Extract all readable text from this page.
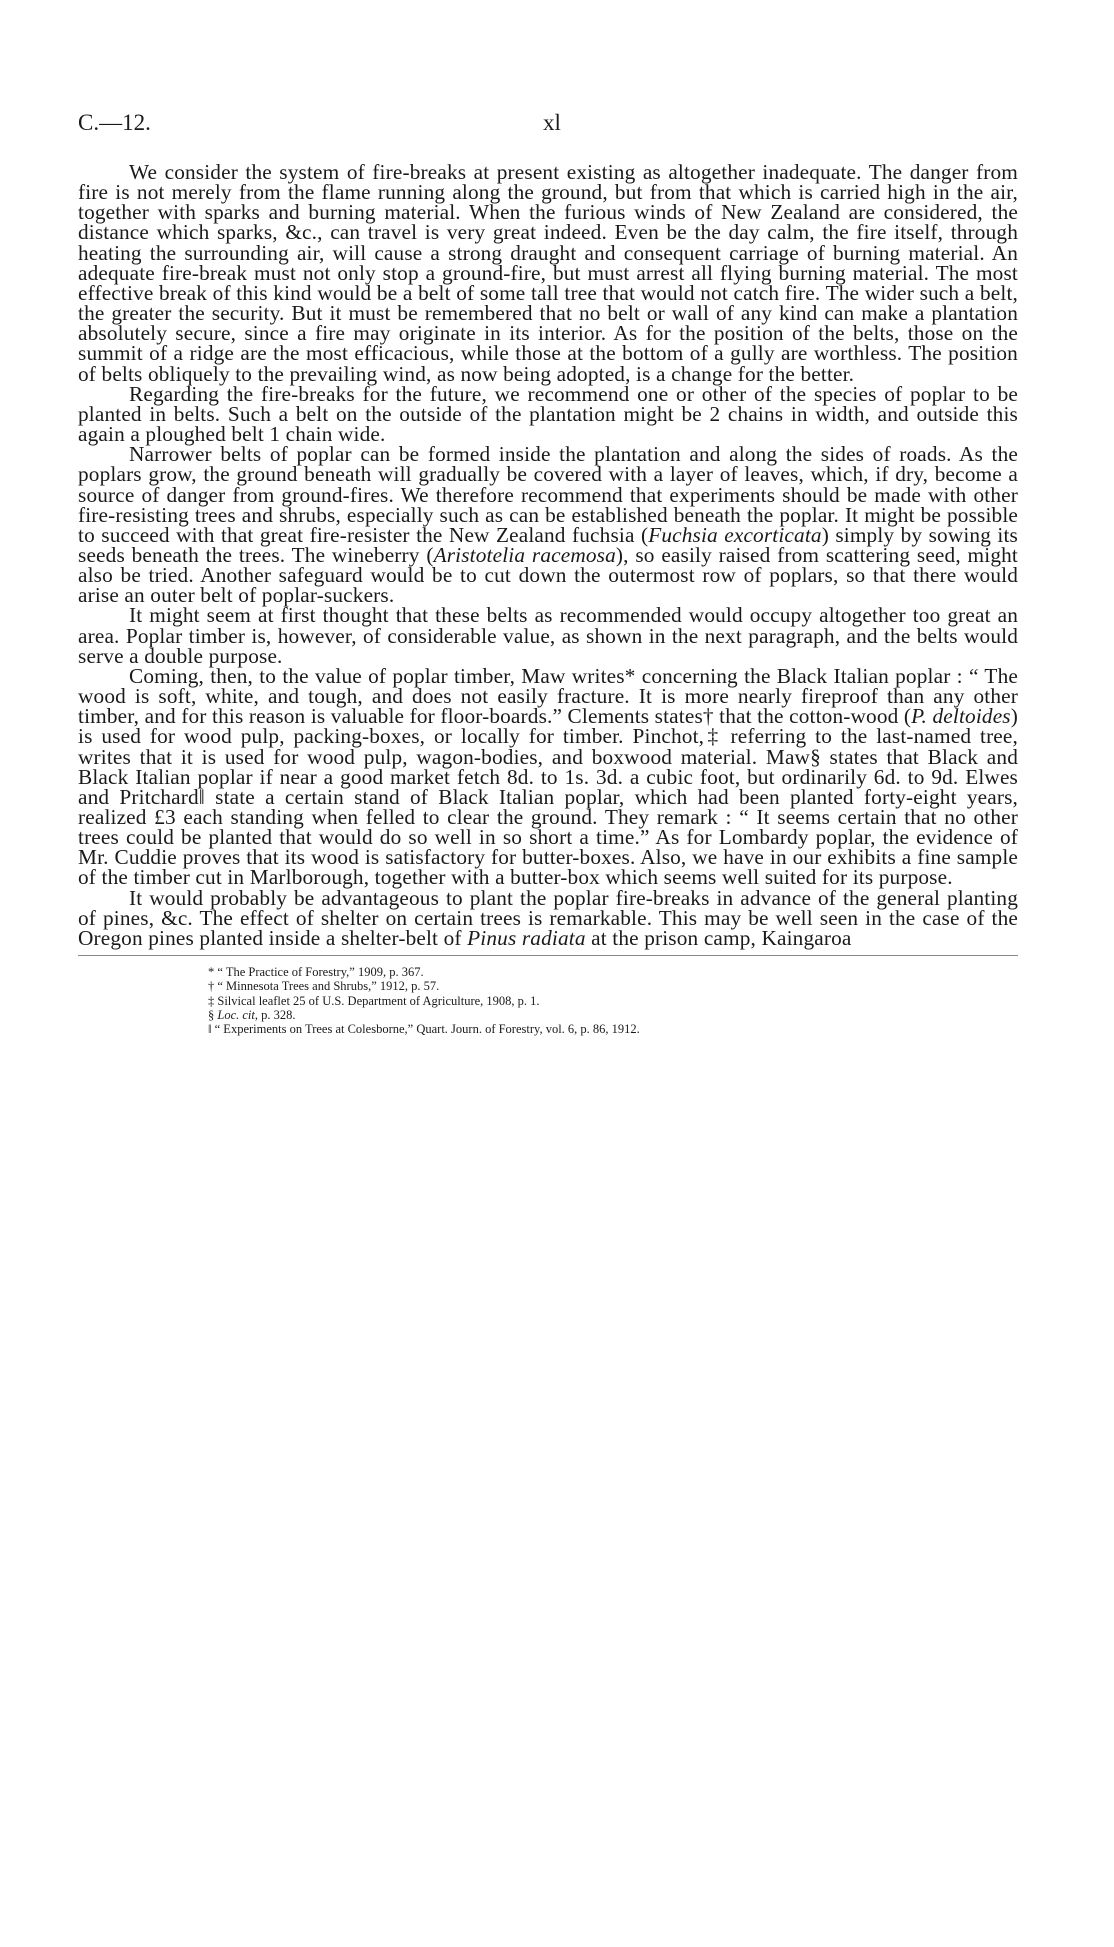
C.—12.	xl

We consider the system of fire-breaks at present existing as altogether inadequate. The danger from fire is not merely from the flame running along the ground, but from that which is carried high in the air, together with sparks and burning material. When the furious winds of New Zealand are considered, the distance which sparks, &c., can travel is very great indeed. Even be the day calm, the fire itself, through heating the surrounding air, will cause a strong draught and consequent carriage of burning material. An adequate fire-break must not only stop a ground-fire, but must arrest all flying burning material. The most effective break of this kind would be a belt of some tall tree that would not catch fire. The wider such a belt, the greater the security. But it must be remembered that no belt or wall of any kind can make a plantation absolutely secure, since a fire may originate in its interior. As for the position of the belts, those on the summit of a ridge are the most efficacious, while those at the bottom of a gully are worthless. The position of belts obliquely to the prevailing wind, as now being adopted, is a change for the better.

Regarding the fire-breaks for the future, we recommend one or other of the species of poplar to be planted in belts. Such a belt on the outside of the plantation might be 2 chains in width, and outside this again a ploughed belt 1 chain wide.

Narrower belts of poplar can be formed inside the plantation and along the sides of roads. As the poplars grow, the ground beneath will gradually be covered with a layer of leaves, which, if dry, become a source of danger from ground-fires. We therefore recommend that experiments should be made with other fire-resisting trees and shrubs, especially such as can be established beneath the poplar. It might be possible to succeed with that great fire-resister the New Zealand fuchsia (Fuchsia excorticata) simply by sowing its seeds beneath the trees. The wineberry (Aristotelia racemosa), so easily raised from scattering seed, might also be tried. Another safeguard would be to cut down the outermost row of poplars, so that there would arise an outer belt of poplar-suckers.

It might seem at first thought that these belts as recommended would occupy altogether too great an area. Poplar timber is, however, of considerable value, as shown in the next paragraph, and the belts would serve a double purpose.

Coming, then, to the value of poplar timber, Maw writes* concerning the Black Italian poplar : “ The wood is soft, white, and tough, and does not easily fracture. It is more nearly fireproof than any other timber, and for this reason is valuable for floor-boards.” Clements states† that the cotton-wood (P. deltoides) is used for wood pulp, packing-boxes, or locally for timber. Pinchot,‡ referring to the last-named tree, writes that it is used for wood pulp, wagon-bodies, and boxwood material. Maw§ states that Black and Black Italian poplar if near a good market fetch 8d. to 1s. 3d. a cubic foot, but ordinarily 6d. to 9d. Elwes and Pritchard‖ state a certain stand of Black Italian poplar, which had been planted forty-eight years, realized £3 each standing when felled to clear the ground. They remark : “ It seems certain that no other trees could be planted that would do so well in so short a time.” As for Lombardy poplar, the evidence of Mr. Cuddie proves that its wood is satisfactory for butter-boxes. Also, we have in our exhibits a fine sample of the timber cut in Marlborough, together with a butter-box which seems well suited for its purpose.

It would probably be advantageous to plant the poplar fire-breaks in advance of the general planting of pines, &c. The effect of shelter on certain trees is remarkable. This may be well seen in the case of the Oregon pines planted inside a shelter-belt of Pinus radiata at the prison camp, Kaingaroa

* “ The Practice of Forestry,” 1909, p. 367.
† “ Minnesota Trees and Shrubs,” 1912, p. 57.
‡ Silvical leaflet 25 of U.S. Department of Agriculture, 1908, p. 1.
§ Loc. cit, p. 328.
‖ “ Experiments on Trees at Colesborne,” Quart. Journ. of Forestry, vol. 6, p. 86, 1912.
